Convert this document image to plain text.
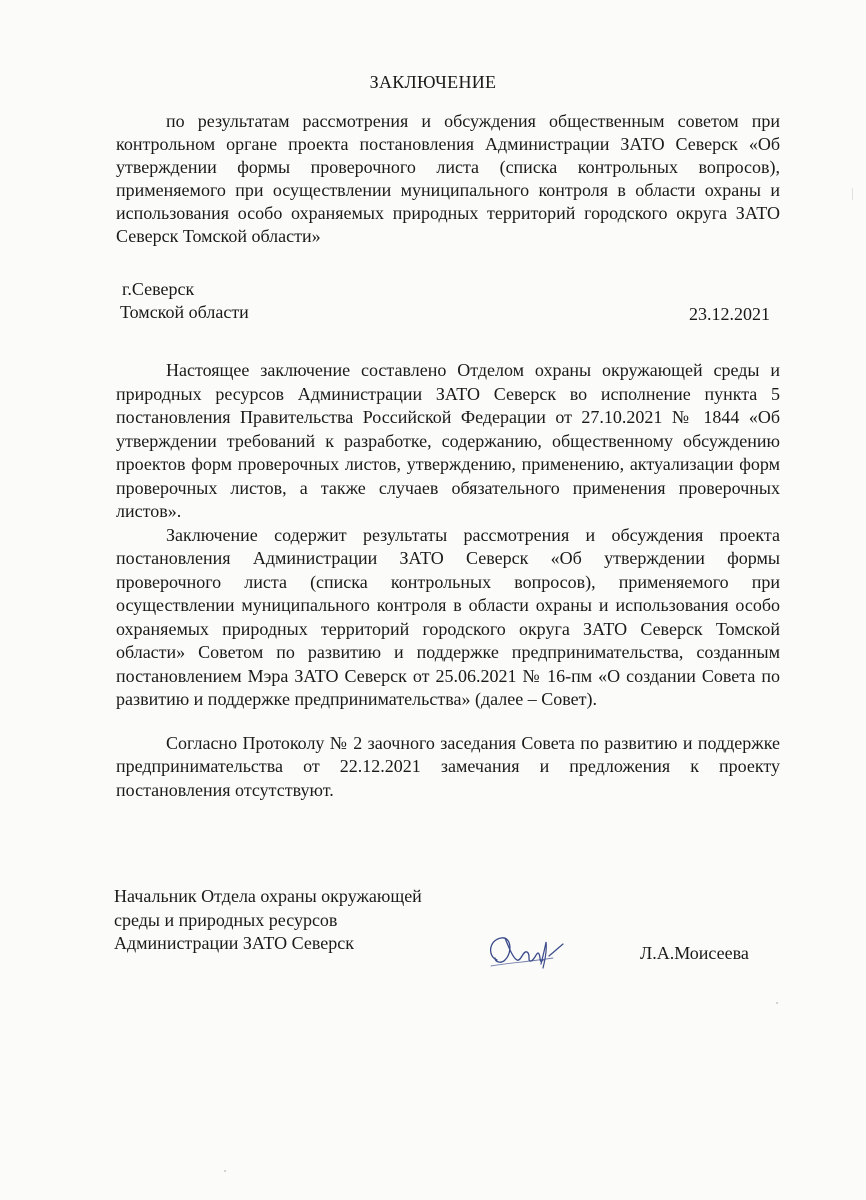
ЗАКЛЮЧЕНИЕ
по результатам рассмотрения и обсуждения общественным советом при контрольном органе проекта постановления Администрации ЗАТО Северск «Об утверждении формы проверочного листа (списка контрольных вопросов), применяемого при осуществлении муниципального контроля в области охраны и использования особо охраняемых природных территорий городского округа ЗАТО Северск Томской области»
г.Северск
Томской области	23.12.2021

Настоящее заключение составлено Отделом охраны окружающей среды и природных ресурсов Администрации ЗАТО Северск во исполнение пункта 5 постановления Правительства Российской Федерации от 27.10.2021 № 1844 «Об утверждении требований к разработке, содержанию, общественному обсуждению проектов форм проверочных листов, утверждению, применению, актуализации форм проверочных листов, а также случаев обязательного применения проверочных листов».

Заключение содержит результаты рассмотрения и обсуждения проекта постановления Администрации ЗАТО Северск «Об утверждении формы проверочного листа (списка контрольных вопросов), применяемого при осуществлении муниципального контроля в области охраны и использования особо охраняемых природных территорий городского округа ЗАТО Северск Томской области» Советом по развитию и поддержке предпринимательства, созданным постановлением Мэра ЗАТО Северск от 25.06.2021 № 16-пм «О создании Совета по развитию и поддержке предпринимательства» (далее – Совет).

Согласно Протоколу № 2 заочного заседания Совета по развитию и поддержке предпринимательства от 22.12.2021 замечания и предложения к проекту постановления отсутствуют.

Начальник Отдела охраны окружающей
среды и природных ресурсов
Администрации ЗАТО Северск	Л.А.Моисеева
